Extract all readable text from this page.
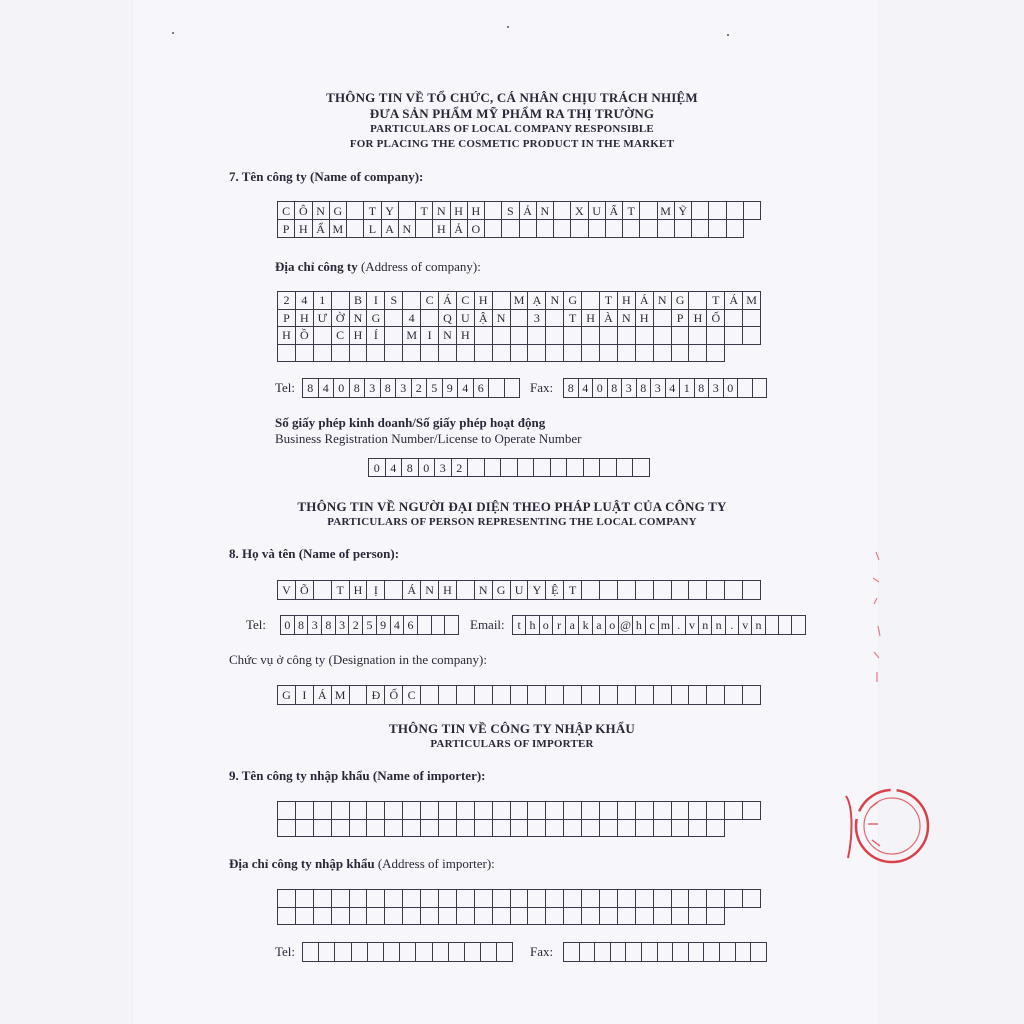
THÔNG TIN VỀ TỔ CHỨC, CÁ NHÂN CHỊU TRÁCH NHIỆM
ĐƯA SẢN PHẨM MỸ PHẨM RA THỊ TRƯỜNG
PARTICULARS OF LOCAL COMPANY RESPONSIBLE
FOR PLACING THE COSMETIC PRODUCT IN THE MARKET
7. Tên công ty (Name of company):
C Ô N G	T Y	T N H H	S Ả N	X U Ấ T	M Ỹ
P H Ẩ M	L A N	H Ả O
Địa chỉ công ty (Address of company):
2 4 1	B I	S	C Á C H	M Ạ N G	T H Á N G	T Á M
P H Ư Ờ N G	4	Q U Ậ N	3	T H À N H	P H Ố
H Ồ	C H Í	M I N H
Tel:	8 4 0 8 3 8 3 2 5 9 4 6	Fax:	8 4 0 8 3 8 3 4 1 8 3 0
Số giấy phép kinh doanh/Số giấy phép hoạt động
Business Registration Number/License to Operate Number
0 4 8 0 3 2
THÔNG TIN VỀ NGƯỜI ĐẠI DIỆN THEO PHÁP LUẬT CỦA CÔNG TY
PARTICULARS OF PERSON REPRESENTING THE LOCAL COMPANY
8. Họ và tên (Name of person):
V Õ	T H Ị	Á N H	N G U Y Ệ T
Tel: 0 8 3 8 3 2 5 9 4 6	Email:	t h o r a k a o @ h c m . v n n . v n
Chức vụ ở công ty (Designation in the company):
G I Á M	Đ Ố C
THÔNG TIN VỀ CÔNG TY NHẬP KHẨU
PARTICULARS OF IMPORTER
9. Tên công ty nhập khẩu (Name of importer):
Địa chỉ công ty nhập khẩu (Address of importer):
Tel:	Fax:
